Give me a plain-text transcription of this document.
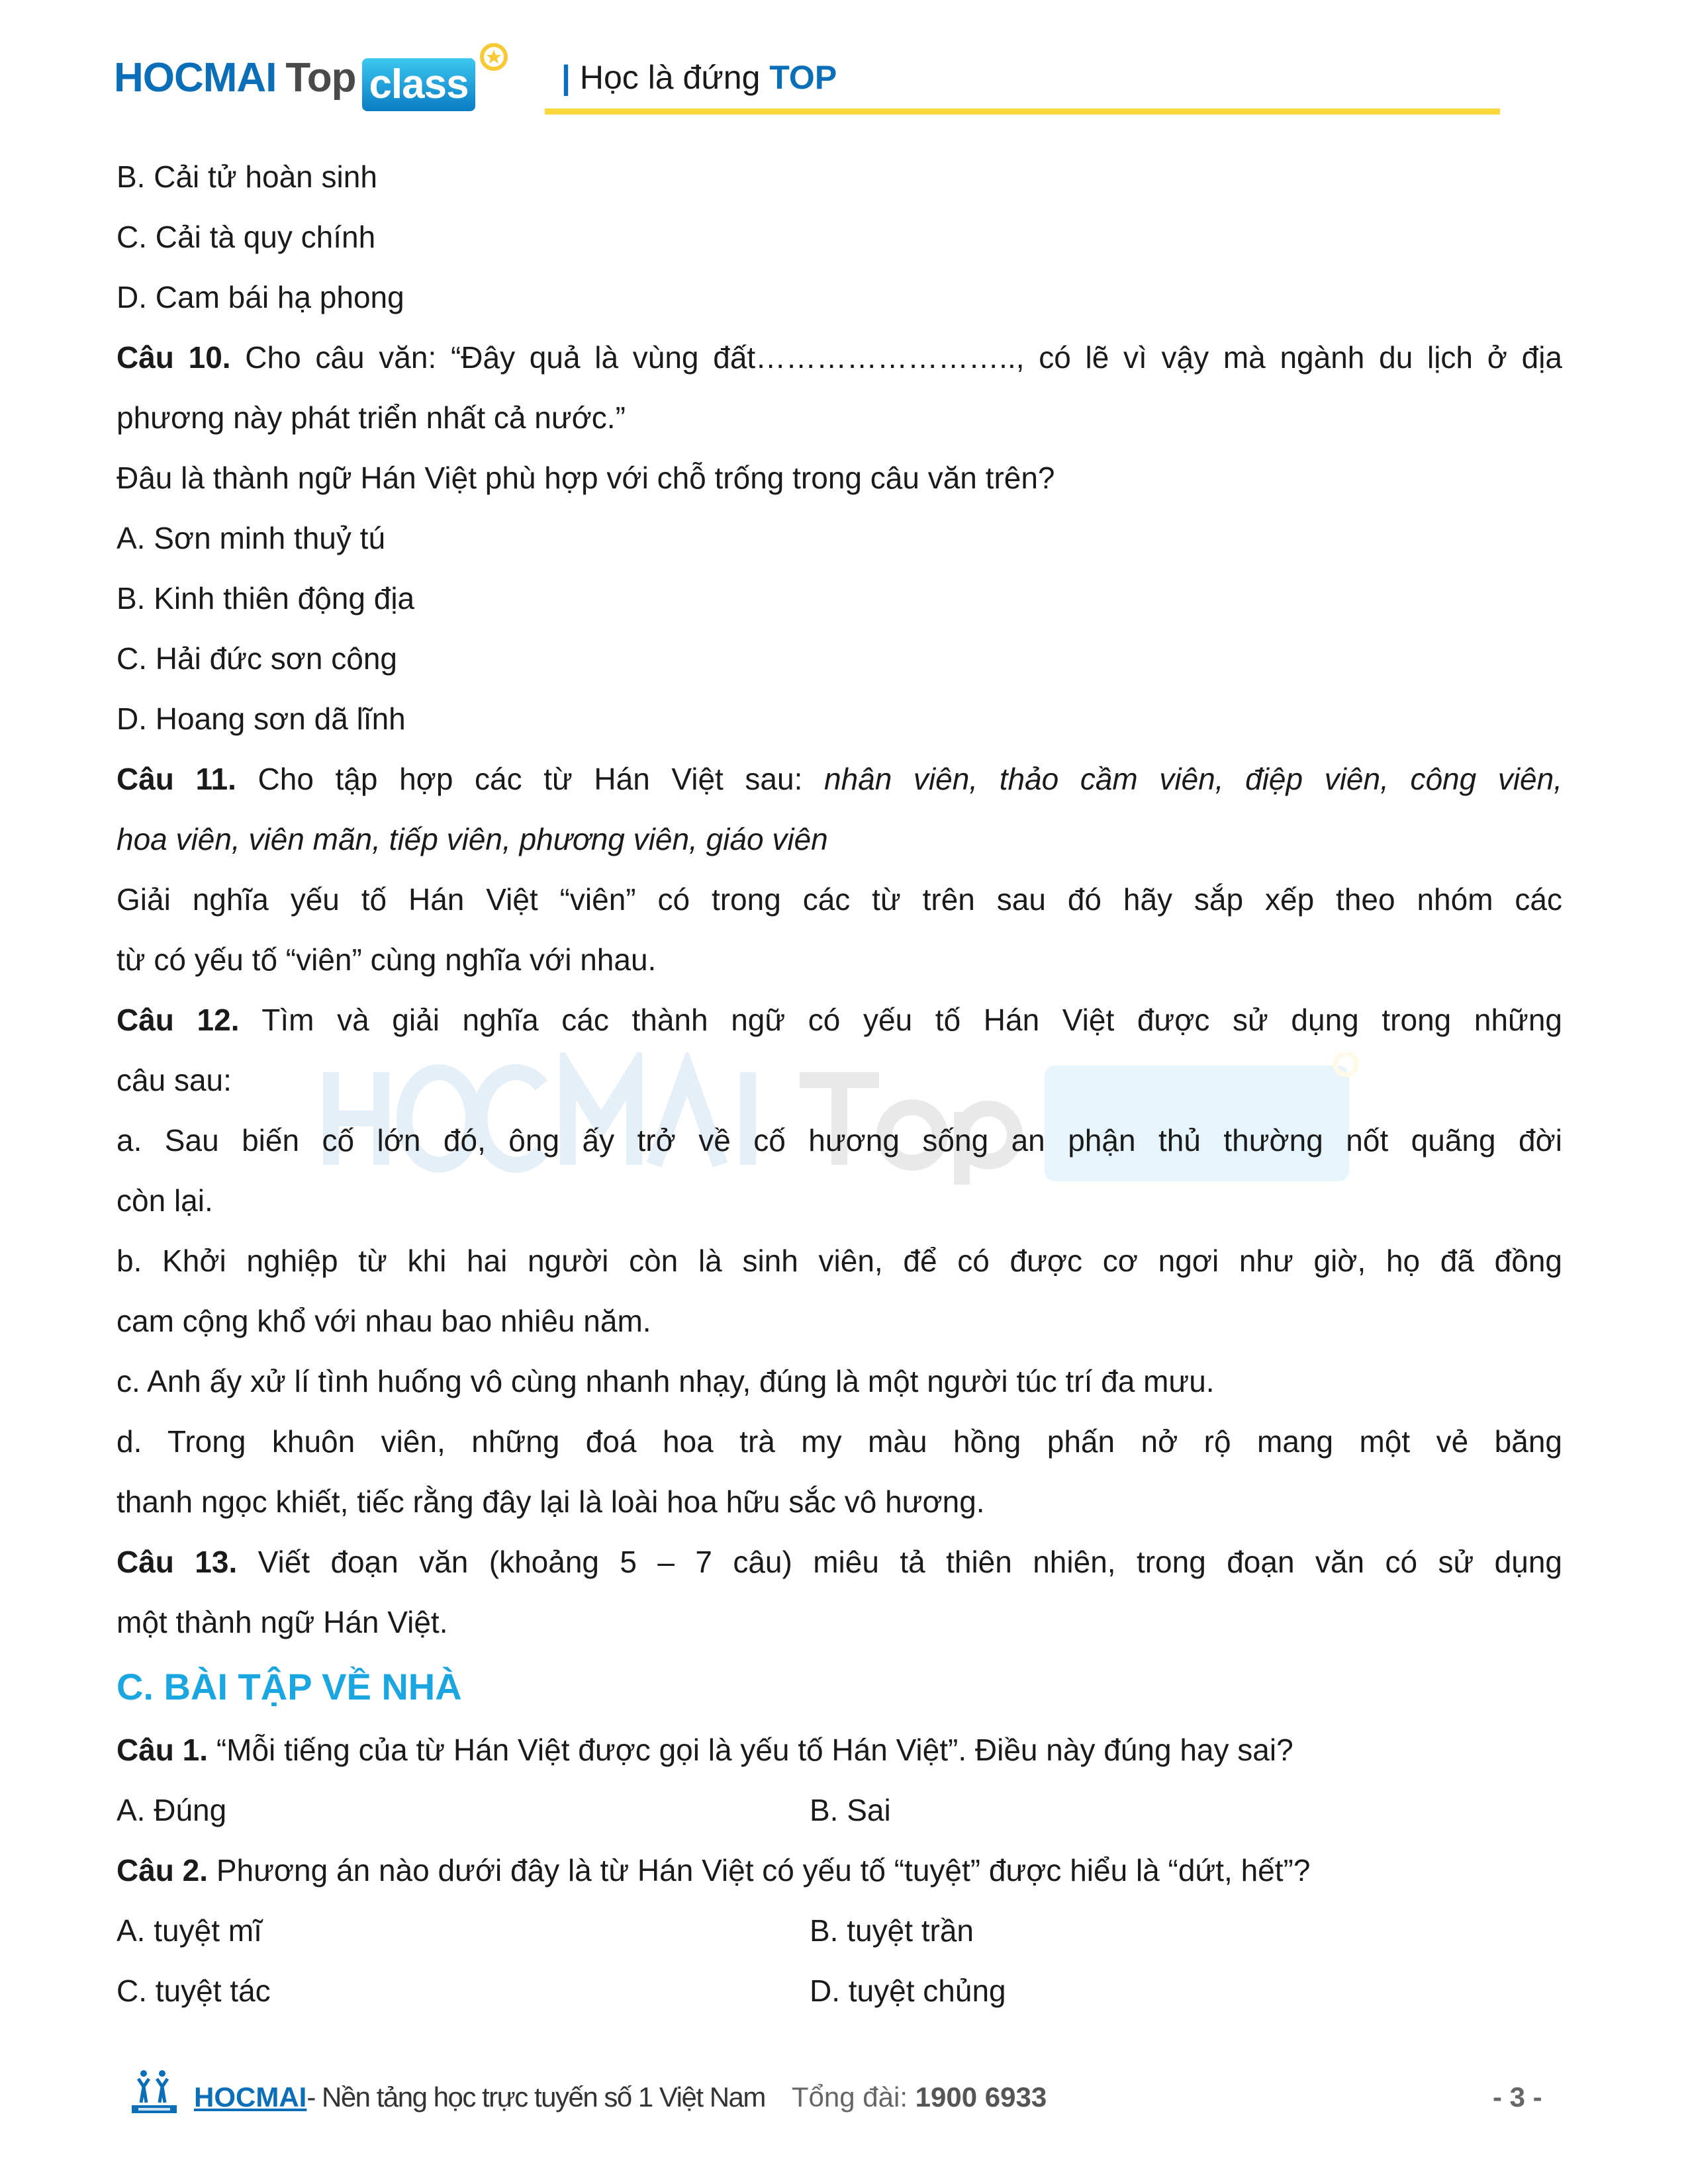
HOCMAI Top class	| Học là đứng TOP
B. Cải tử hoàn sinh
C. Cải tà quy chính
D. Cam bái hạ phong
Câu 10. Cho câu văn: “Đây quả là vùng đất…………………….., có lẽ vì vậy mà ngành du lịch ở địa
phương này phát triển nhất cả nước.”
Đâu là thành ngữ Hán Việt phù hợp với chỗ trống trong câu văn trên?
A. Sơn minh thuỷ tú
B. Kinh thiên động địa
C. Hải đức sơn công
D. Hoang sơn dã lĩnh
Câu 11. Cho tập hợp các từ Hán Việt sau: nhân viên, thảo cầm viên, điệp viên, công viên,
hoa viên, viên mãn, tiếp viên, phương viên, giáo viên
Giải nghĩa yếu tố Hán Việt “viên” có trong các từ trên sau đó hãy sắp xếp theo nhóm các
từ có yếu tố “viên” cùng nghĩa với nhau.
Câu 12. Tìm và giải nghĩa các thành ngữ có yếu tố Hán Việt được sử dụng trong những
câu sau:
a. Sau biến cố lớn đó, ông ấy trở về cố hương sống an phận thủ thường nốt quãng đời
còn lại.
b. Khởi nghiệp từ khi hai người còn là sinh viên, để có được cơ ngơi như giờ, họ đã đồng
cam cộng khổ với nhau bao nhiêu năm.
c. Anh ấy xử lí tình huống vô cùng nhanh nhạy, đúng là một người túc trí đa mưu.
d. Trong khuôn viên, những đoá hoa trà my màu hồng phấn nở rộ mang một vẻ băng
thanh ngọc khiết, tiếc rằng đây lại là loài hoa hữu sắc vô hương.
Câu 13. Viết đoạn văn (khoảng 5 – 7 câu) miêu tả thiên nhiên, trong đoạn văn có sử dụng
một thành ngữ Hán Việt.
C. BÀI TẬP VỀ NHÀ
Câu 1. “Mỗi tiếng của từ Hán Việt được gọi là yếu tố Hán Việt”. Điều này đúng hay sai?
A. Đúng	B. Sai
Câu 2. Phương án nào dưới đây là từ Hán Việt có yếu tố “tuyệt” được hiểu là “dứt, hết”?
A. tuyệt mĩ	B. tuyệt trần
C. tuyệt tác	D. tuyệt chủng
HOCMAI - Nền tảng học trực tuyến số 1 Việt Nam Tổng đài: 1900 6933	- 3 -
